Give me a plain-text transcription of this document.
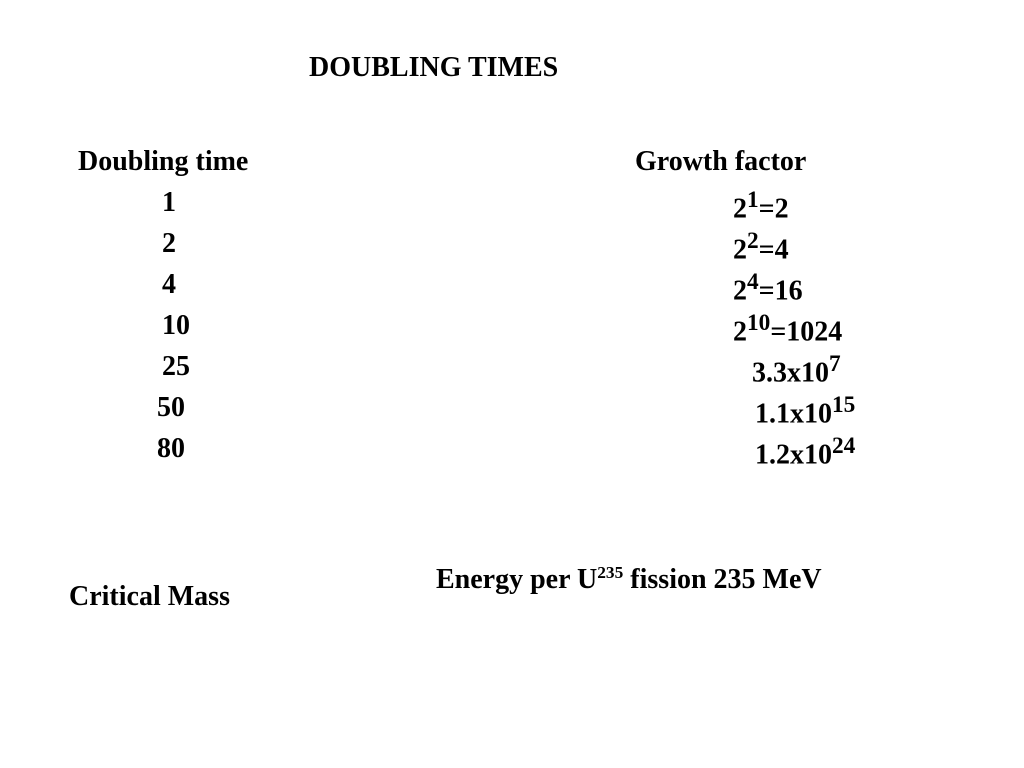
DOUBLING TIMES
Doubling time	Growth factor
1
2
4
10
25
50
80
$2^1=2$
$2^2=4$
$2^4=16$
$2^{10}=1024$
$3.3x10^7$
$1.1x10^{15}$
$1.2x10^{24}$
Critical Mass
Energy per $U^{235}$ fission 235 MeV
